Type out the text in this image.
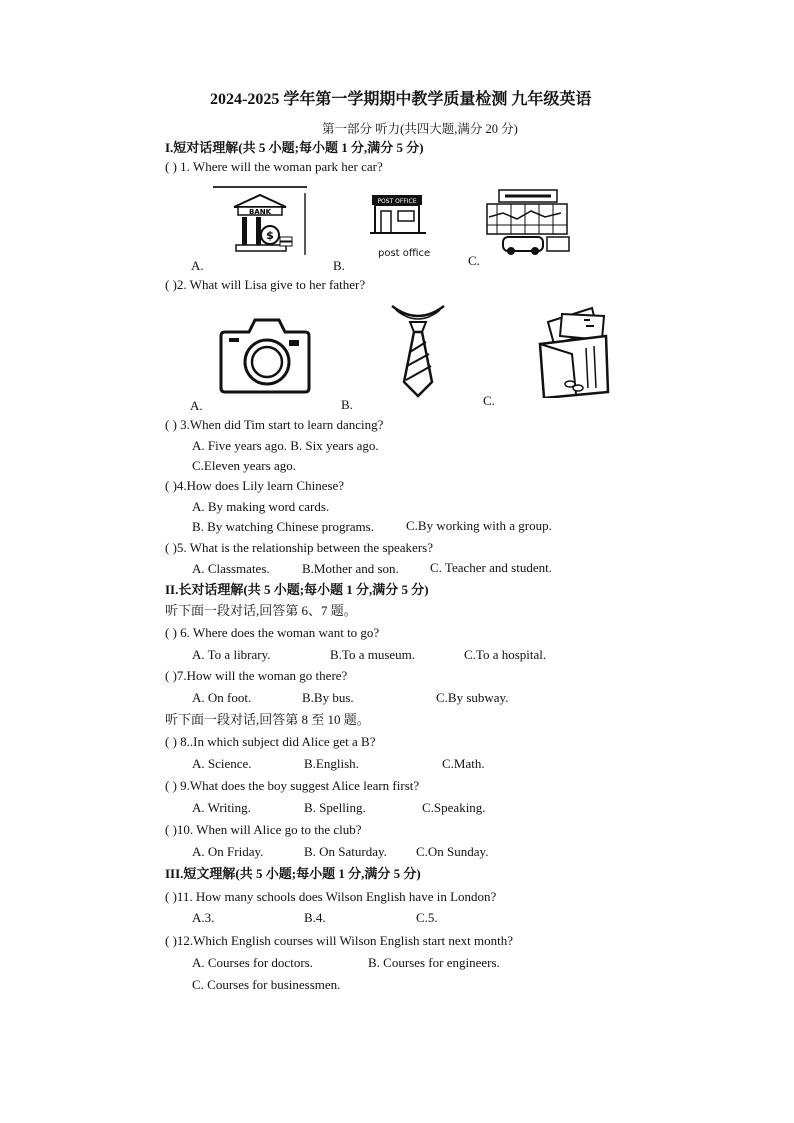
2024-2025 学年第一学期期中教学质量检测 九年级英语
第一部分 听力(共四大题,满分 20 分)
I.短对话理解(共 5 小题;每小题 1 分,满分 5 分)
( ) 1. Where will the woman park her car?
BANK
$
A.
POST OFFICE
post office
B.	C.
( )2. What will Lisa give to her father?
A.	B.	C.
( ) 3.When did Tim start to learn dancing?
A. Five years ago. B. Six years ago.
C.Eleven years ago.
( )4.How does Lily learn Chinese?
A. By making word cards.
B. By watching Chinese programs. C.By working with a group.
( )5. What is the relationship between the speakers?
A. Classmates. B.Mother and son. C. Teacher and student.
II.长对话理解(共 5 小题;每小题 1 分,满分 5 分)
听下面一段对话,回答第 6、7 题。
( ) 6. Where does the woman want to go?
A. To a library.	B.To a museum.	C.To a hospital.
( )7.How will the woman go there?
A. On foot.	B.By bus.	C.By subway.
听下面一段对话,回答第 8 至 10 题。
( ) 8..In which subject did Alice get a B?
A. Science.	B.English.	C.Math.
( ) 9.What does the boy suggest Alice learn first?
A. Writing.	B. Spelling.	C.Speaking.
( )10. When will Alice go to the club?
A. On Friday.	B. On Saturday. C.On Sunday.
III.短文理解(共 5 小题;每小题 1 分,满分 5 分)
( )11. How many schools does Wilson English have in London?
A.3.	B.4.	C.5.
( )12.Which English courses will Wilson English start next month?
A. Courses for doctors.	B. Courses for engineers.
C. Courses for businessmen.
